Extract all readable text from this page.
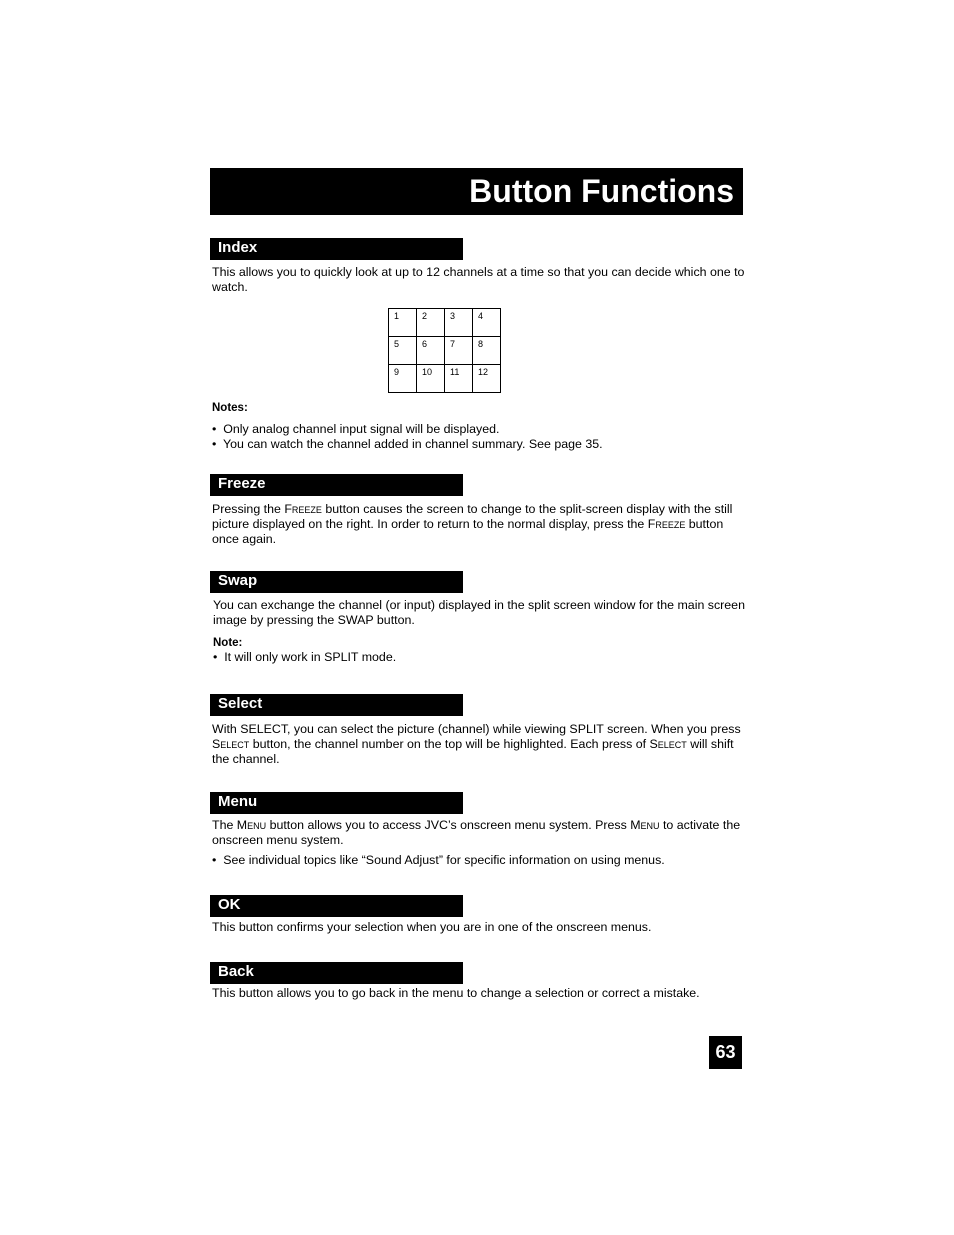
Button Functions
Index

This allows you to quickly look at up to 12 channels at a time so that you can decide which one to watch.

1	2	3	4
5	6	7	8
9	10	11	12

Notes:

•  Only analog channel input signal will be displayed.

•  You can watch the channel added in channel summary. See page 35.

Freeze

Pressing the Freeze button causes the screen to change to the split-screen display with the still picture displayed on the right. In order to return to the normal display, press the Freeze button once again.

Swap

You can exchange the channel (or input) displayed in the split screen window for the main screen image by pressing the SWAP button.

Note:

•  It will only work in SPLIT mode.

Select

With SELECT, you can select the picture (channel) while viewing SPLIT screen. When you press Select button, the channel number on the top will be highlighted. Each press of Select will shift the channel.

Menu

The Menu button allows you to access JVC’s onscreen menu system. Press Menu to activate the onscreen menu system.

•  See individual topics like “Sound Adjust” for specific information on using menus.

OK

This button confirms your selection when you are in one of the onscreen menus.

Back

This button allows you to go back in the menu to change a selection or correct a mistake.

63
